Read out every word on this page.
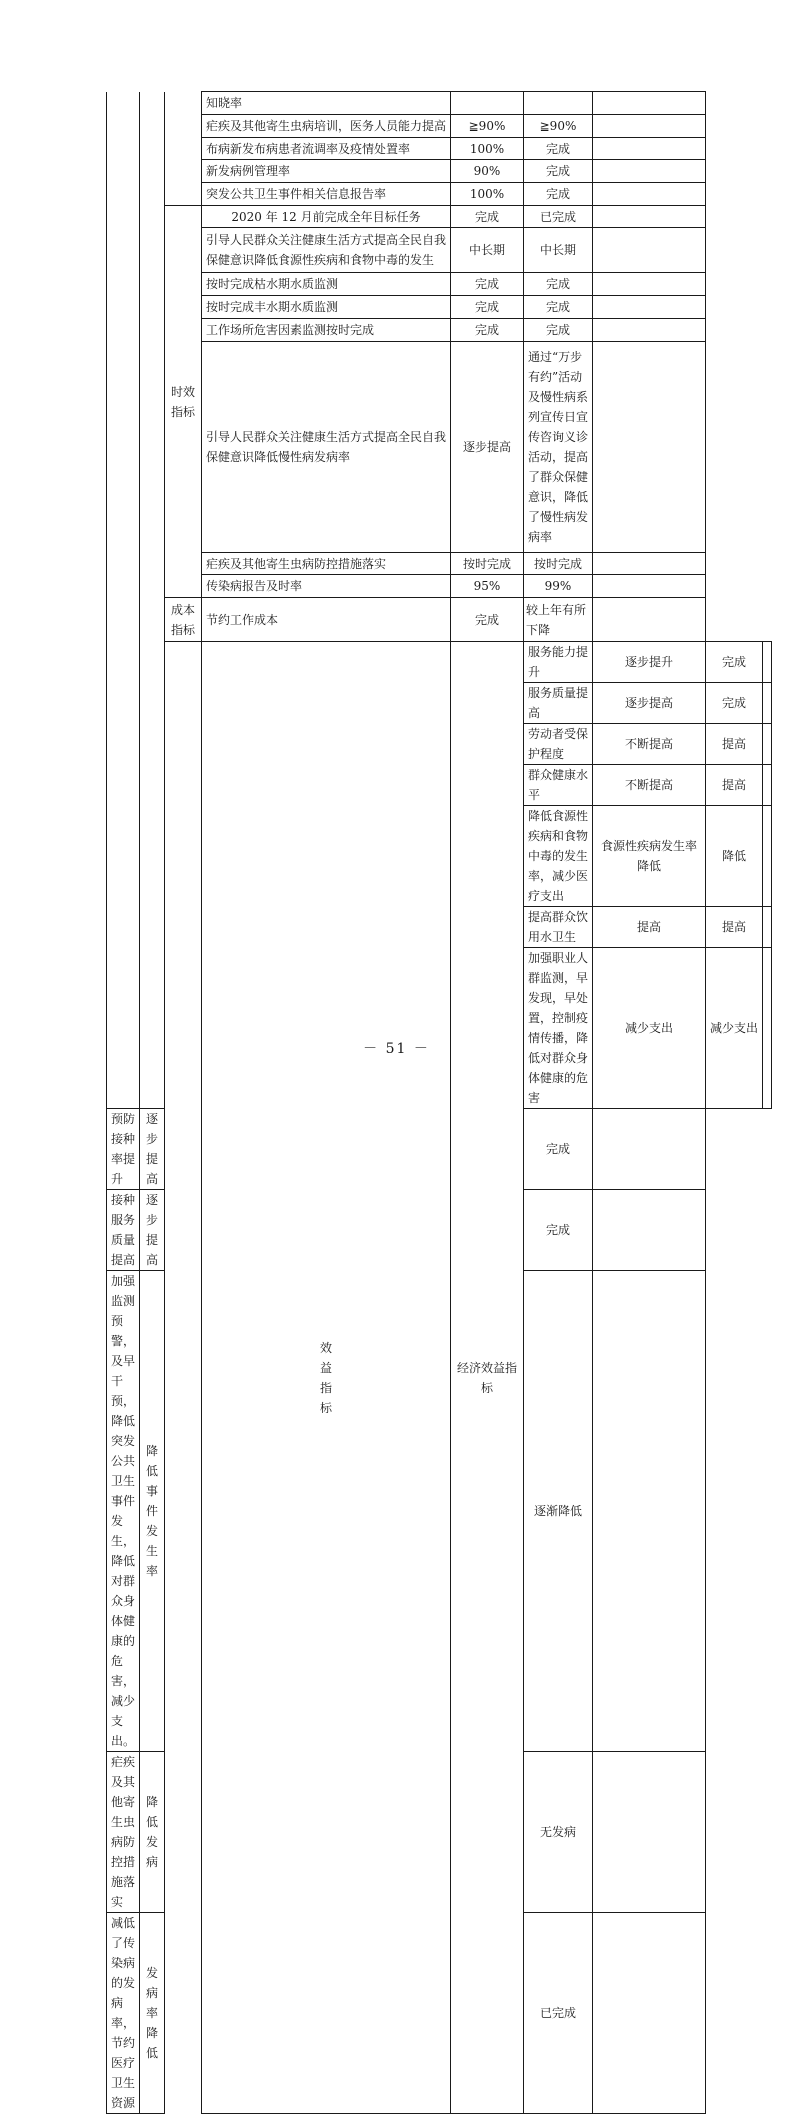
			知晓率					
			疟疾及其他寄生虫病培训，医务人员能力提高	≧90%	≧90%			
			布病新发布病患者流调率及疫情处置率	100%	完成			
			新发病例管理率	90%	完成			
			突发公共卫生事件相关信息报告率	100%	完成			
		时效指标	2020 年 12 月前完成全年目标任务	完成	已完成			
			引导人民群众关注健康生活方式提高全民自我保健意识降低食源性疾病和食物中毒的发生	中长期	中长期			
			按时完成枯水期水质监测	完成	完成			
			按时完成丰水期水质监测	完成	完成			
			工作场所危害因素监测按时完成	完成	完成			
			引导人民群众关注健康生活方式提高全民自我保健意识降低慢性病发病率	逐步提高	通过“万步有约”活动及慢性病系列宣传日宣传咨询义诊活动，提高了群众保健意识，降低了慢性病发病率			
			疟疾及其他寄生虫病防控措施落实	按时完成	按时完成			
			传染病报告及时率	95%	99%			
		成本指标	节约工作成本	完成	较上年有所下降			
			效益指标	经济效益指标	服务能力提升	逐步提升	完成	
					服务质量提高	逐步提高	完成	
					劳动者受保护程度	不断提高	提高	
					群众健康水平	不断提高	提高	
					降低食源性疾病和食物中毒的发生率，减少医疗支出	食源性疾病发生率降低	降低	
					提高群众饮用水卫生	提高	提高	
					加强职业人群监测，早发现，早处置，控制疫情传播，降低对群众身体健康的危害	减少支出	减少支出	
预防接种率提升	逐步提高				完成			
接种服务质量提高	逐步提高				完成			
加强监测预警，及早干预，降低突发公共卫生事件发生，降低对群众身体健康的危害，减少支出。	降低事件发生率				逐渐降低			
疟疾及其他寄生虫病防控措施落实	降低发病				无发病			
减低了传染病的发病率，节约医疗卫生资源	发病率降低				已完成			
－ 51 －
